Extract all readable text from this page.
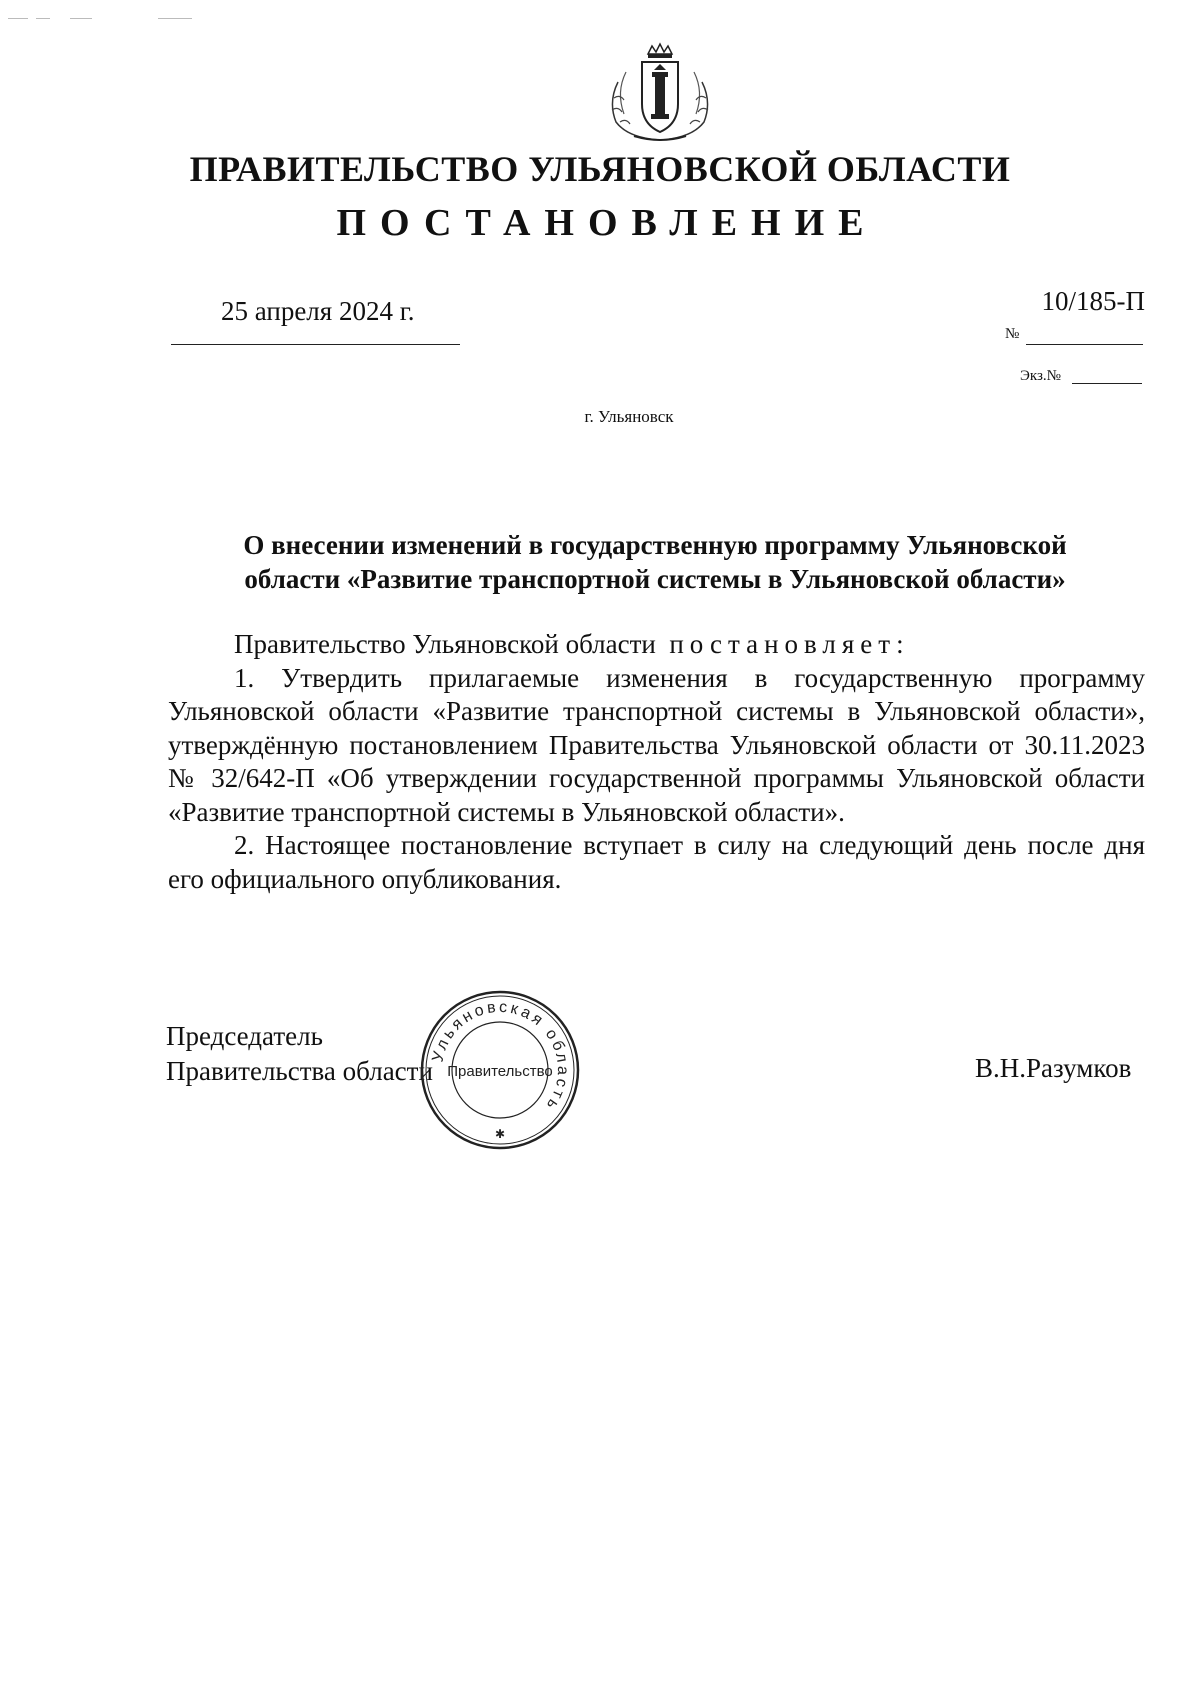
ПРАВИТЕЛЬСТВО УЛЬЯНОВСКОЙ ОБЛАСТИ
ПОСТАНОВЛЕНИЕ
25 апреля 2024 г.	10/185-П
№
Экз.№
г. Ульяновск
О внесении изменений в государственную программу Ульяновской области «Развитие транспортной системы в Ульяновской области»

Правительство Ульяновской области постановляет:

1. Утвердить прилагаемые изменения в государственную программу Ульяновской области «Развитие транспортной системы в Ульяновской области», утверждённую постановлением Правительства Ульяновской области от 30.11.2023 № 32/642-П «Об утверждении государственной программы Ульяновской области «Развитие транспортной системы в Ульяновской области».

2. Настоящее постановление вступает в силу на следующий день после дня его официального опубликования.

Председатель
Правительства области	В.Н.Разумков
Ульяновская область
Правительство
✱
